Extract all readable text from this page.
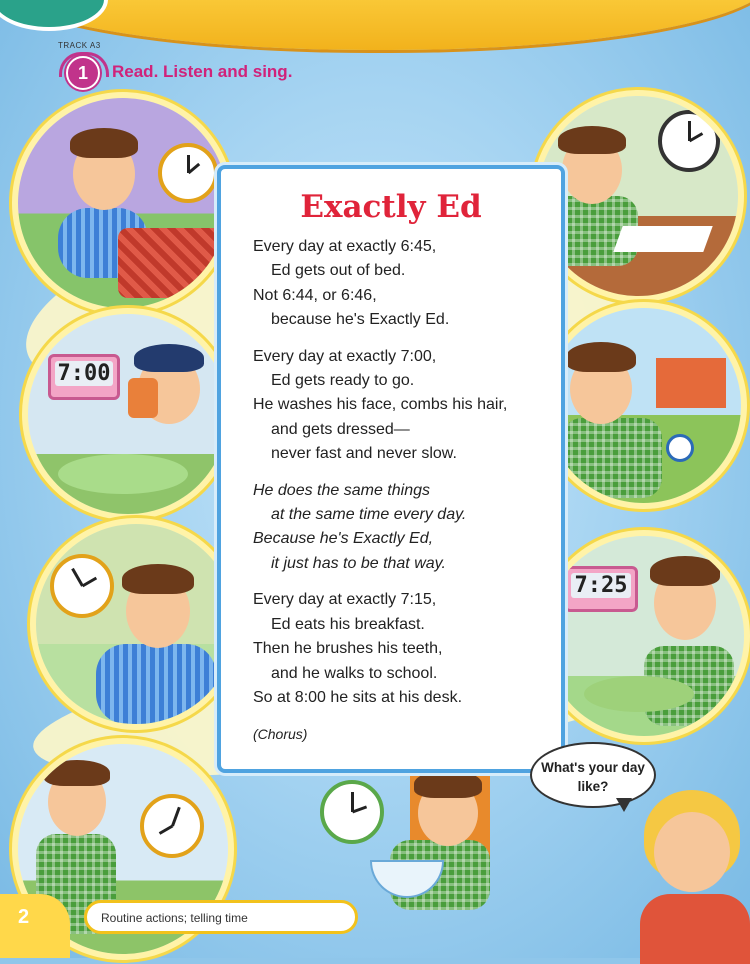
TRACK A3
1	Read. Listen and sing.
7:00
7:25
Exactly Ed

Every day at exactly 6:45,

Ed gets out of bed.

Not 6:44, or 6:46,

because he's Exactly Ed.

Every day at exactly 7:00,

Ed gets ready to go.

He washes his face, combs his hair,

and gets dressed—

never fast and never slow.

He does the same things

at the same time every day.

Because he's Exactly Ed,

it just has to be that way.

Every day at exactly 7:15,

Ed eats his breakfast.

Then he brushes his teeth,

and he walks to school.

So at 8:00 he sits at his desk.

(Chorus)

What's your day like?
2	Routine actions; telling time
